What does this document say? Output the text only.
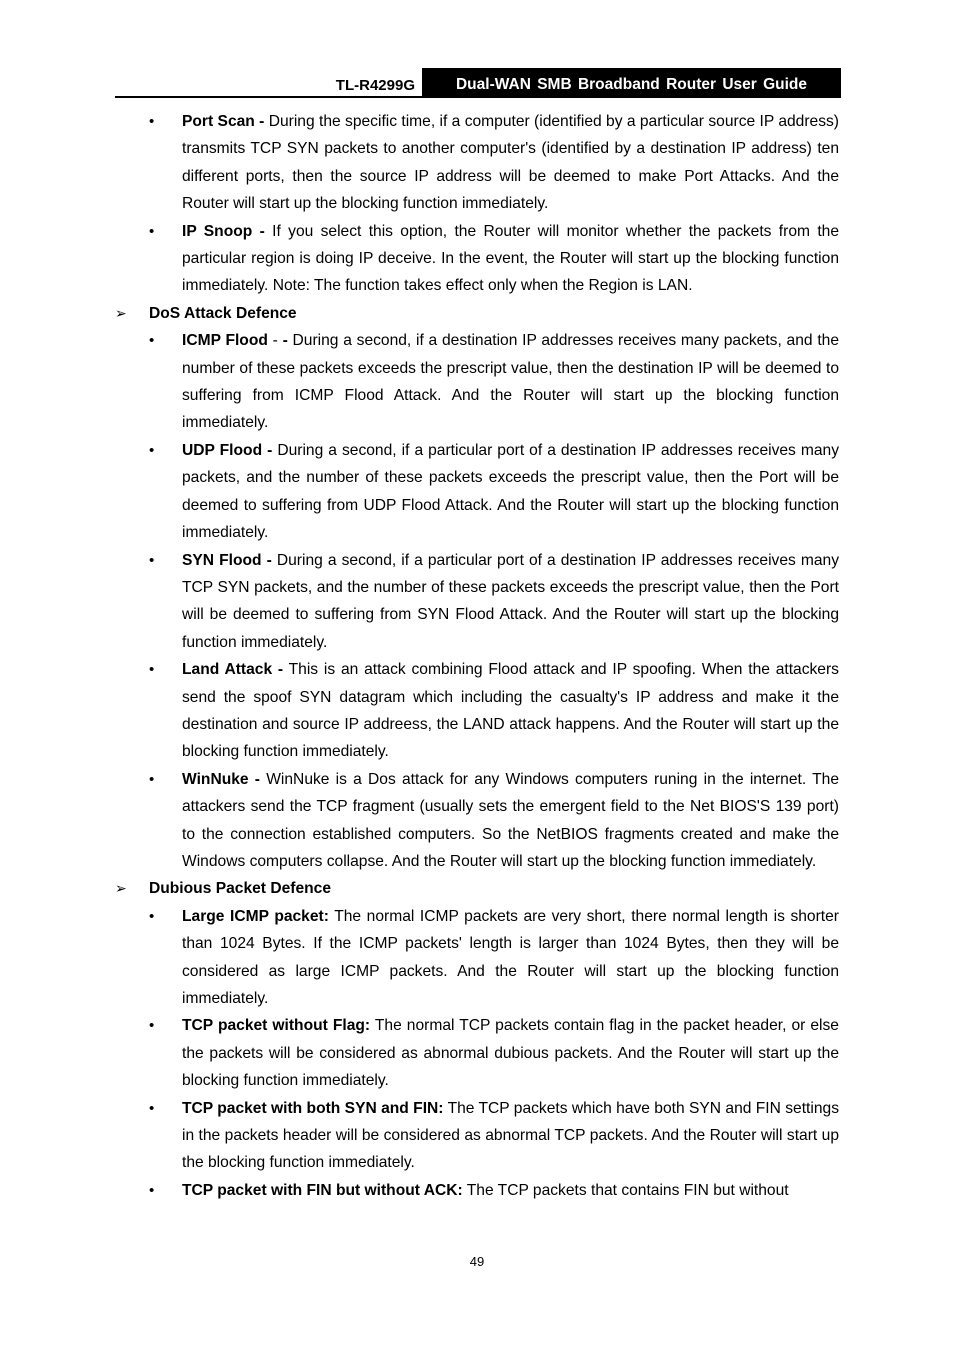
TL-R4299G	Dual-WAN SMB Broadband Router User Guide
• Port Scan - During the specific time, if a computer (identified by a particular source IP address) transmits TCP SYN packets to another computer's (identified by a destination IP address) ten different ports, then the source IP address will be deemed to make Port Attacks. And the Router will start up the blocking function immediately.
• IP Snoop - If you select this option, the Router will monitor whether the packets from the particular region is doing IP deceive. In the event, the Router will start up the blocking function immediately. Note: The function takes effect only when the Region is LAN.
➢ DoS Attack Defence
• ICMP Flood - - During a second, if a destination IP addresses receives many packets, and the number of these packets exceeds the prescript value, then the destination IP will be deemed to suffering from ICMP Flood Attack. And the Router will start up the blocking function immediately.
• UDP Flood - During a second, if a particular port of a destination IP addresses receives many packets, and the number of these packets exceeds the prescript value, then the Port will be deemed to suffering from UDP Flood Attack. And the Router will start up the blocking function immediately.
• SYN Flood - During a second, if a particular port of a destination IP addresses receives many TCP SYN packets, and the number of these packets exceeds the prescript value, then the Port will be deemed to suffering from SYN Flood Attack. And the Router will start up the blocking function immediately.
• Land Attack - This is an attack combining Flood attack and IP spoofing. When the attackers send the spoof SYN datagram which including the casualty's IP address and make it the destination and source IP addreess, the LAND attack happens. And the Router will start up the blocking function immediately.
• WinNuke - WinNuke is a Dos attack for any Windows computers runing in the internet. The attackers send the TCP fragment (usually sets the emergent field to the Net BIOS'S 139 port) to the connection established computers. So the NetBIOS fragments created and make the Windows computers collapse. And the Router will start up the blocking function immediately.
➢ Dubious Packet Defence
• Large ICMP packet: The normal ICMP packets are very short, there normal length is shorter than 1024 Bytes. If the ICMP packets' length is larger than 1024 Bytes, then they will be considered as large ICMP packets. And the Router will start up the blocking function immediately.
• TCP packet without Flag: The normal TCP packets contain flag in the packet header, or else the packets will be considered as abnormal dubious packets. And the Router will start up the blocking function immediately.
• TCP packet with both SYN and FIN: The TCP packets which have both SYN and FIN settings in the packets header will be considered as abnormal TCP packets. And the Router will start up the blocking function immediately.
• TCP packet with FIN but without ACK: The TCP packets that contains FIN but without
49
